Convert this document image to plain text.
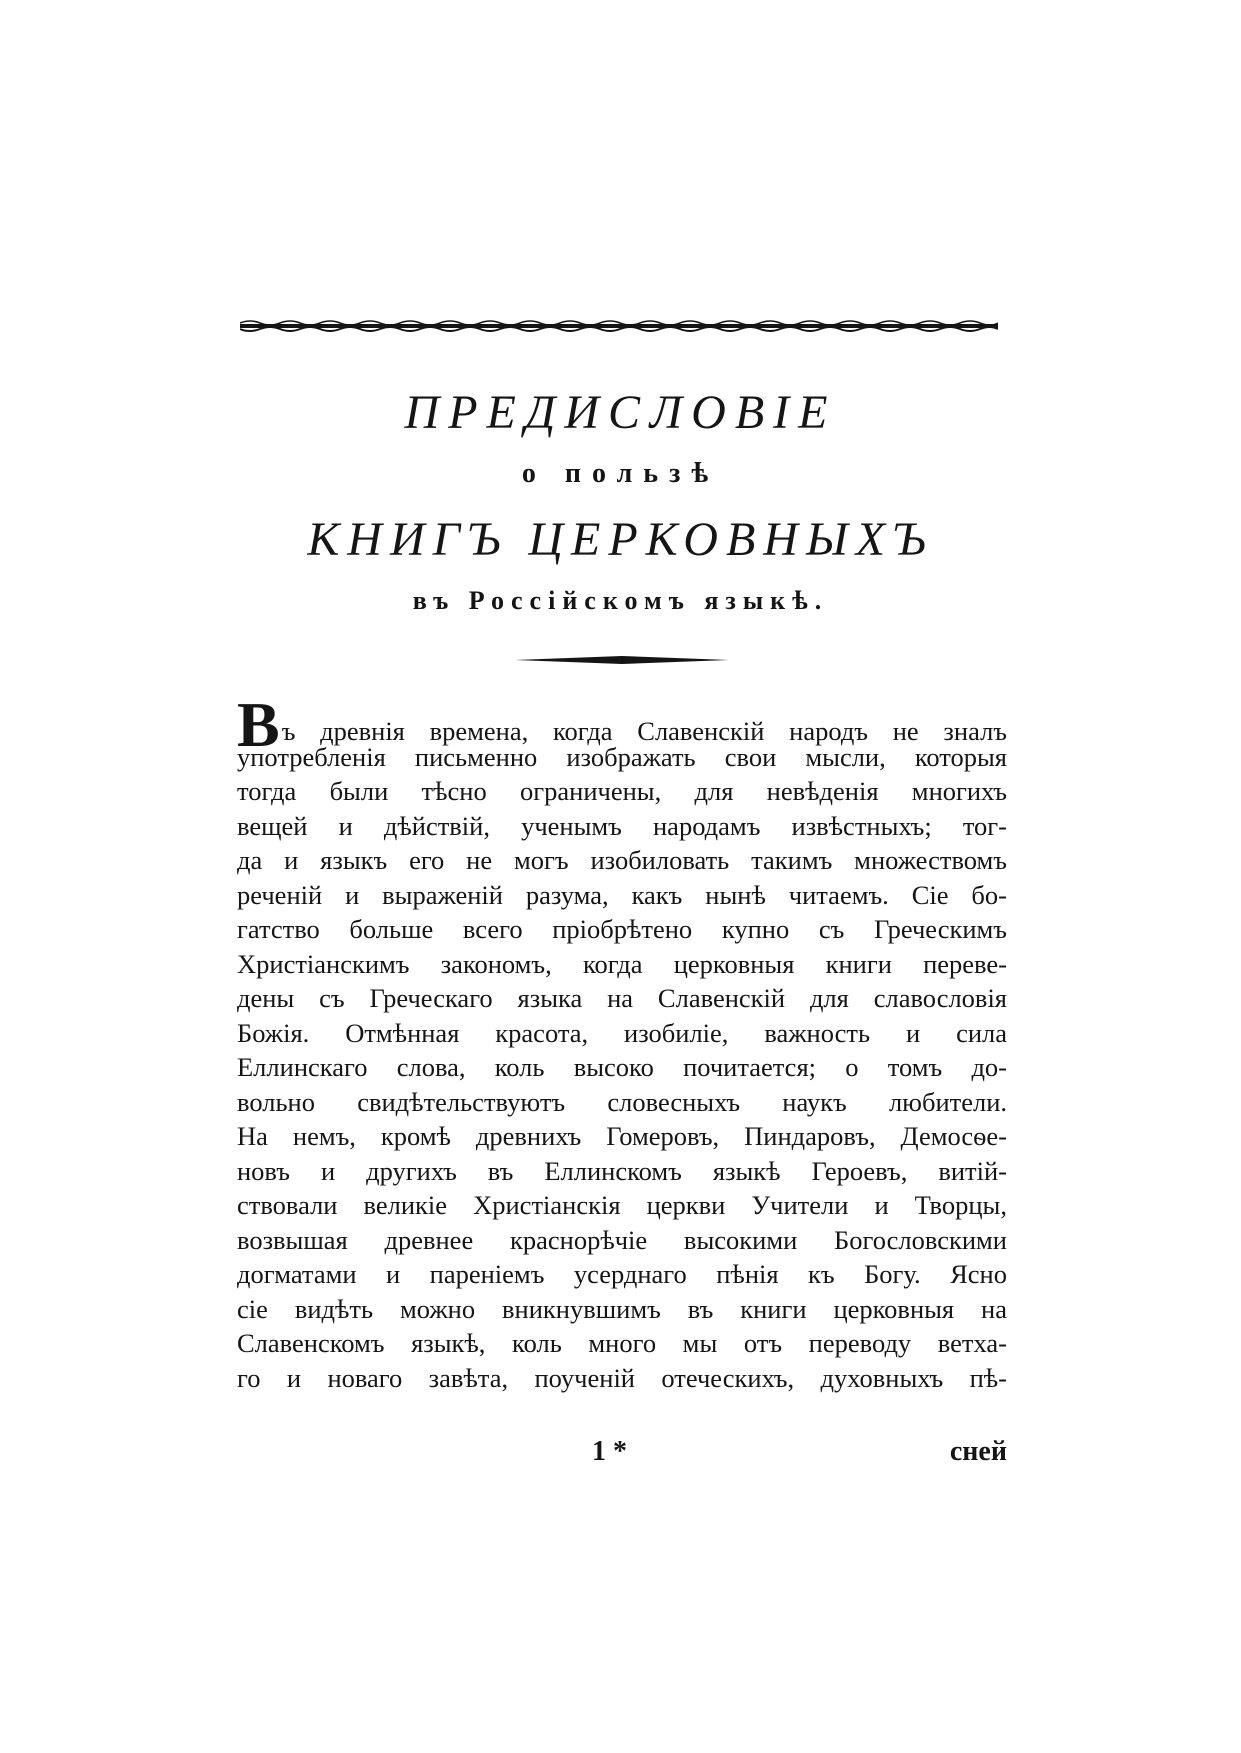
ПРЕДИСЛОВІЕ
о пользѣ
КНИГЪ ЦЕРКОВНЫХЪ
въ Россійскомъ языкѣ.
Въ древнія времена, когда Славенскій народъ не зналъ
употребленія письменно изображать свои мысли, которыя
тогда были тѣсно ограничены, для невѣденія многихъ
вещей и дѣйствій, ученымъ народамъ извѣстныхъ; тог-
да и языкъ его не могъ изобиловать такимъ множествомъ
реченій и выраженій разума, какъ нынѣ читаемъ. Сіе бо-
гатство больше всего пріобрѣтено купно съ Греческимъ
Христіанскимъ закономъ, когда церковныя книги переве-
дены съ Греческаго языка на Славенскій для славословія
Божія. Отмѣнная красота, изобиліе, важность и сила
Еллинскаго слова, коль высоко почитается; о томъ до-
вольно свидѣтельствуютъ словесныхъ наукъ любители.
На немъ, кромѣ древнихъ Гомеровъ, Пиндаровъ, Демосѳе-
новъ и другихъ въ Еллинскомъ языкѣ Героевъ, витій-
ствовали великіе Христіанскія церкви Учители и Творцы,
возвышая древнее краснорѣчіе высокими Богословскими
догматами и пареніемъ усерднаго пѣнія къ Богу. Ясно
сіе видѣть можно вникнувшимъ въ книги церковныя на
Славенскомъ языкѣ, коль много мы отъ переводу ветха-
го и новаго завѣта, поученій отеческихъ, духовныхъ пѣ-
1 *	сней
